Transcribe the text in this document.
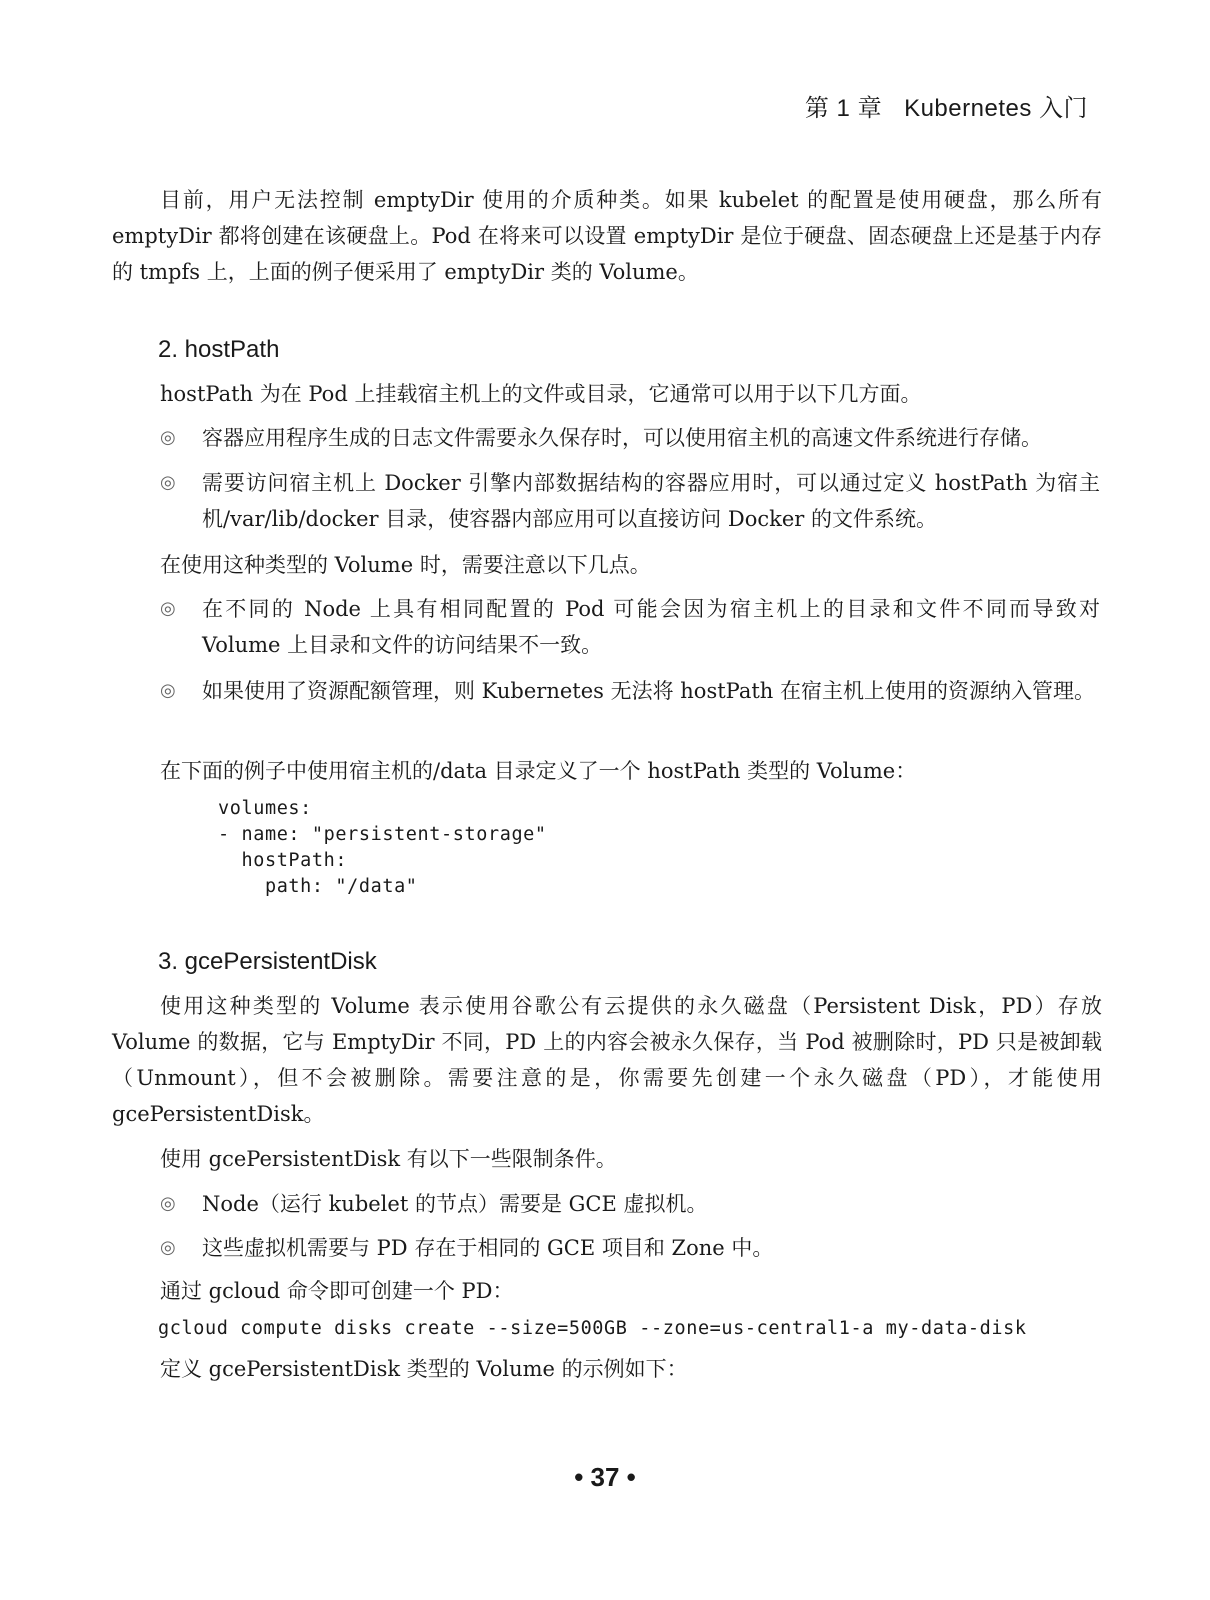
第 1 章 Kubernetes 入门

目前，用户无法控制 emptyDir 使用的介质种类。如果 kubelet 的配置是使用硬盘，那么所有 emptyDir 都将创建在该硬盘上。Pod 在将来可以设置 emptyDir 是位于硬盘、固态硬盘上还是基于内存的 tmpfs 上，上面的例子便采用了 emptyDir 类的 Volume。

2. hostPath

hostPath 为在 Pod 上挂载宿主机上的文件或目录，它通常可以用于以下几方面。

◎ 容器应用程序生成的日志文件需要永久保存时，可以使用宿主机的高速文件系统进行存储。
◎ 需要访问宿主机上 Docker 引擎内部数据结构的容器应用时，可以通过定义 hostPath 为宿主机/var/lib/docker 目录，使容器内部应用可以直接访问 Docker 的文件系统。

在使用这种类型的 Volume 时，需要注意以下几点。

◎ 在不同的 Node 上具有相同配置的 Pod 可能会因为宿主机上的目录和文件不同而导致对 Volume 上目录和文件的访问结果不一致。
◎ 如果使用了资源配额管理，则 Kubernetes 无法将 hostPath 在宿主机上使用的资源纳入管理。

在下面的例子中使用宿主机的/data 目录定义了一个 hostPath 类型的 Volume：

volumes:
- name: "persistent-storage"
hostPath:
path: "/data"
3. gcePersistentDisk

使用这种类型的 Volume 表示使用谷歌公有云提供的永久磁盘（Persistent Disk，PD）存放 Volume 的数据，它与 EmptyDir 不同，PD 上的内容会被永久保存，当 Pod 被删除时，PD 只是被卸载（Unmount），但不会被删除。需要注意的是，你需要先创建一个永久磁盘（PD），才能使用 gcePersistentDisk。

使用 gcePersistentDisk 有以下一些限制条件。

◎ Node（运行 kubelet 的节点）需要是 GCE 虚拟机。
◎ 这些虚拟机需要与 PD 存在于相同的 GCE 项目和 Zone 中。

通过 gcloud 命令即可创建一个 PD：

gcloud compute disks create --size=500GB --zone=us-central1-a my-data-disk

定义 gcePersistentDisk 类型的 Volume 的示例如下：

• 37 •
